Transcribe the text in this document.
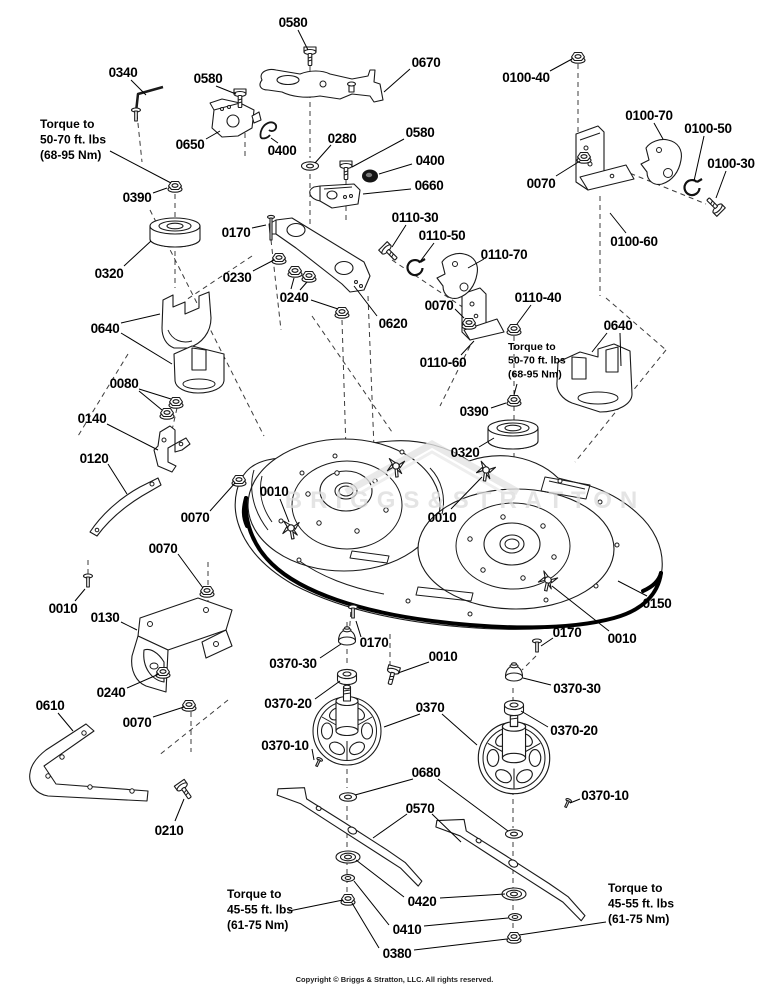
BRIGGS&STRATTON
0580
0340	0580
0670
0100-40
0650	0400
0280	0580
0400
0660	0070
0100-70
0100-50
0100-30
0100-60
0390
0320
0170
0230
0240
0620
0110-30
0110-50
0110-70
0070
0110-60
0110-40
0640
0390
0320
0640
0080
0140
0120
0010
0070	0010
0150
0070
0010
0130
0240
0070
0610
0210
0170
0370-30	0010
0370-20	0370
0370-10
0170 0010
0370-30
0370-20
0370-10
0680
0570
0420
0410
0380
Torque to
50-70 ft. lbs
(68-95 Nm)
Torque to
50-70 ft. lbs
(68-95 Nm)
Torque to
45-55 ft. lbs
(61-75 Nm)
Torque to
45-55 ft. lbs
(61-75 Nm)
Copyright © Briggs & Stratton, LLC. All rights reserved.
